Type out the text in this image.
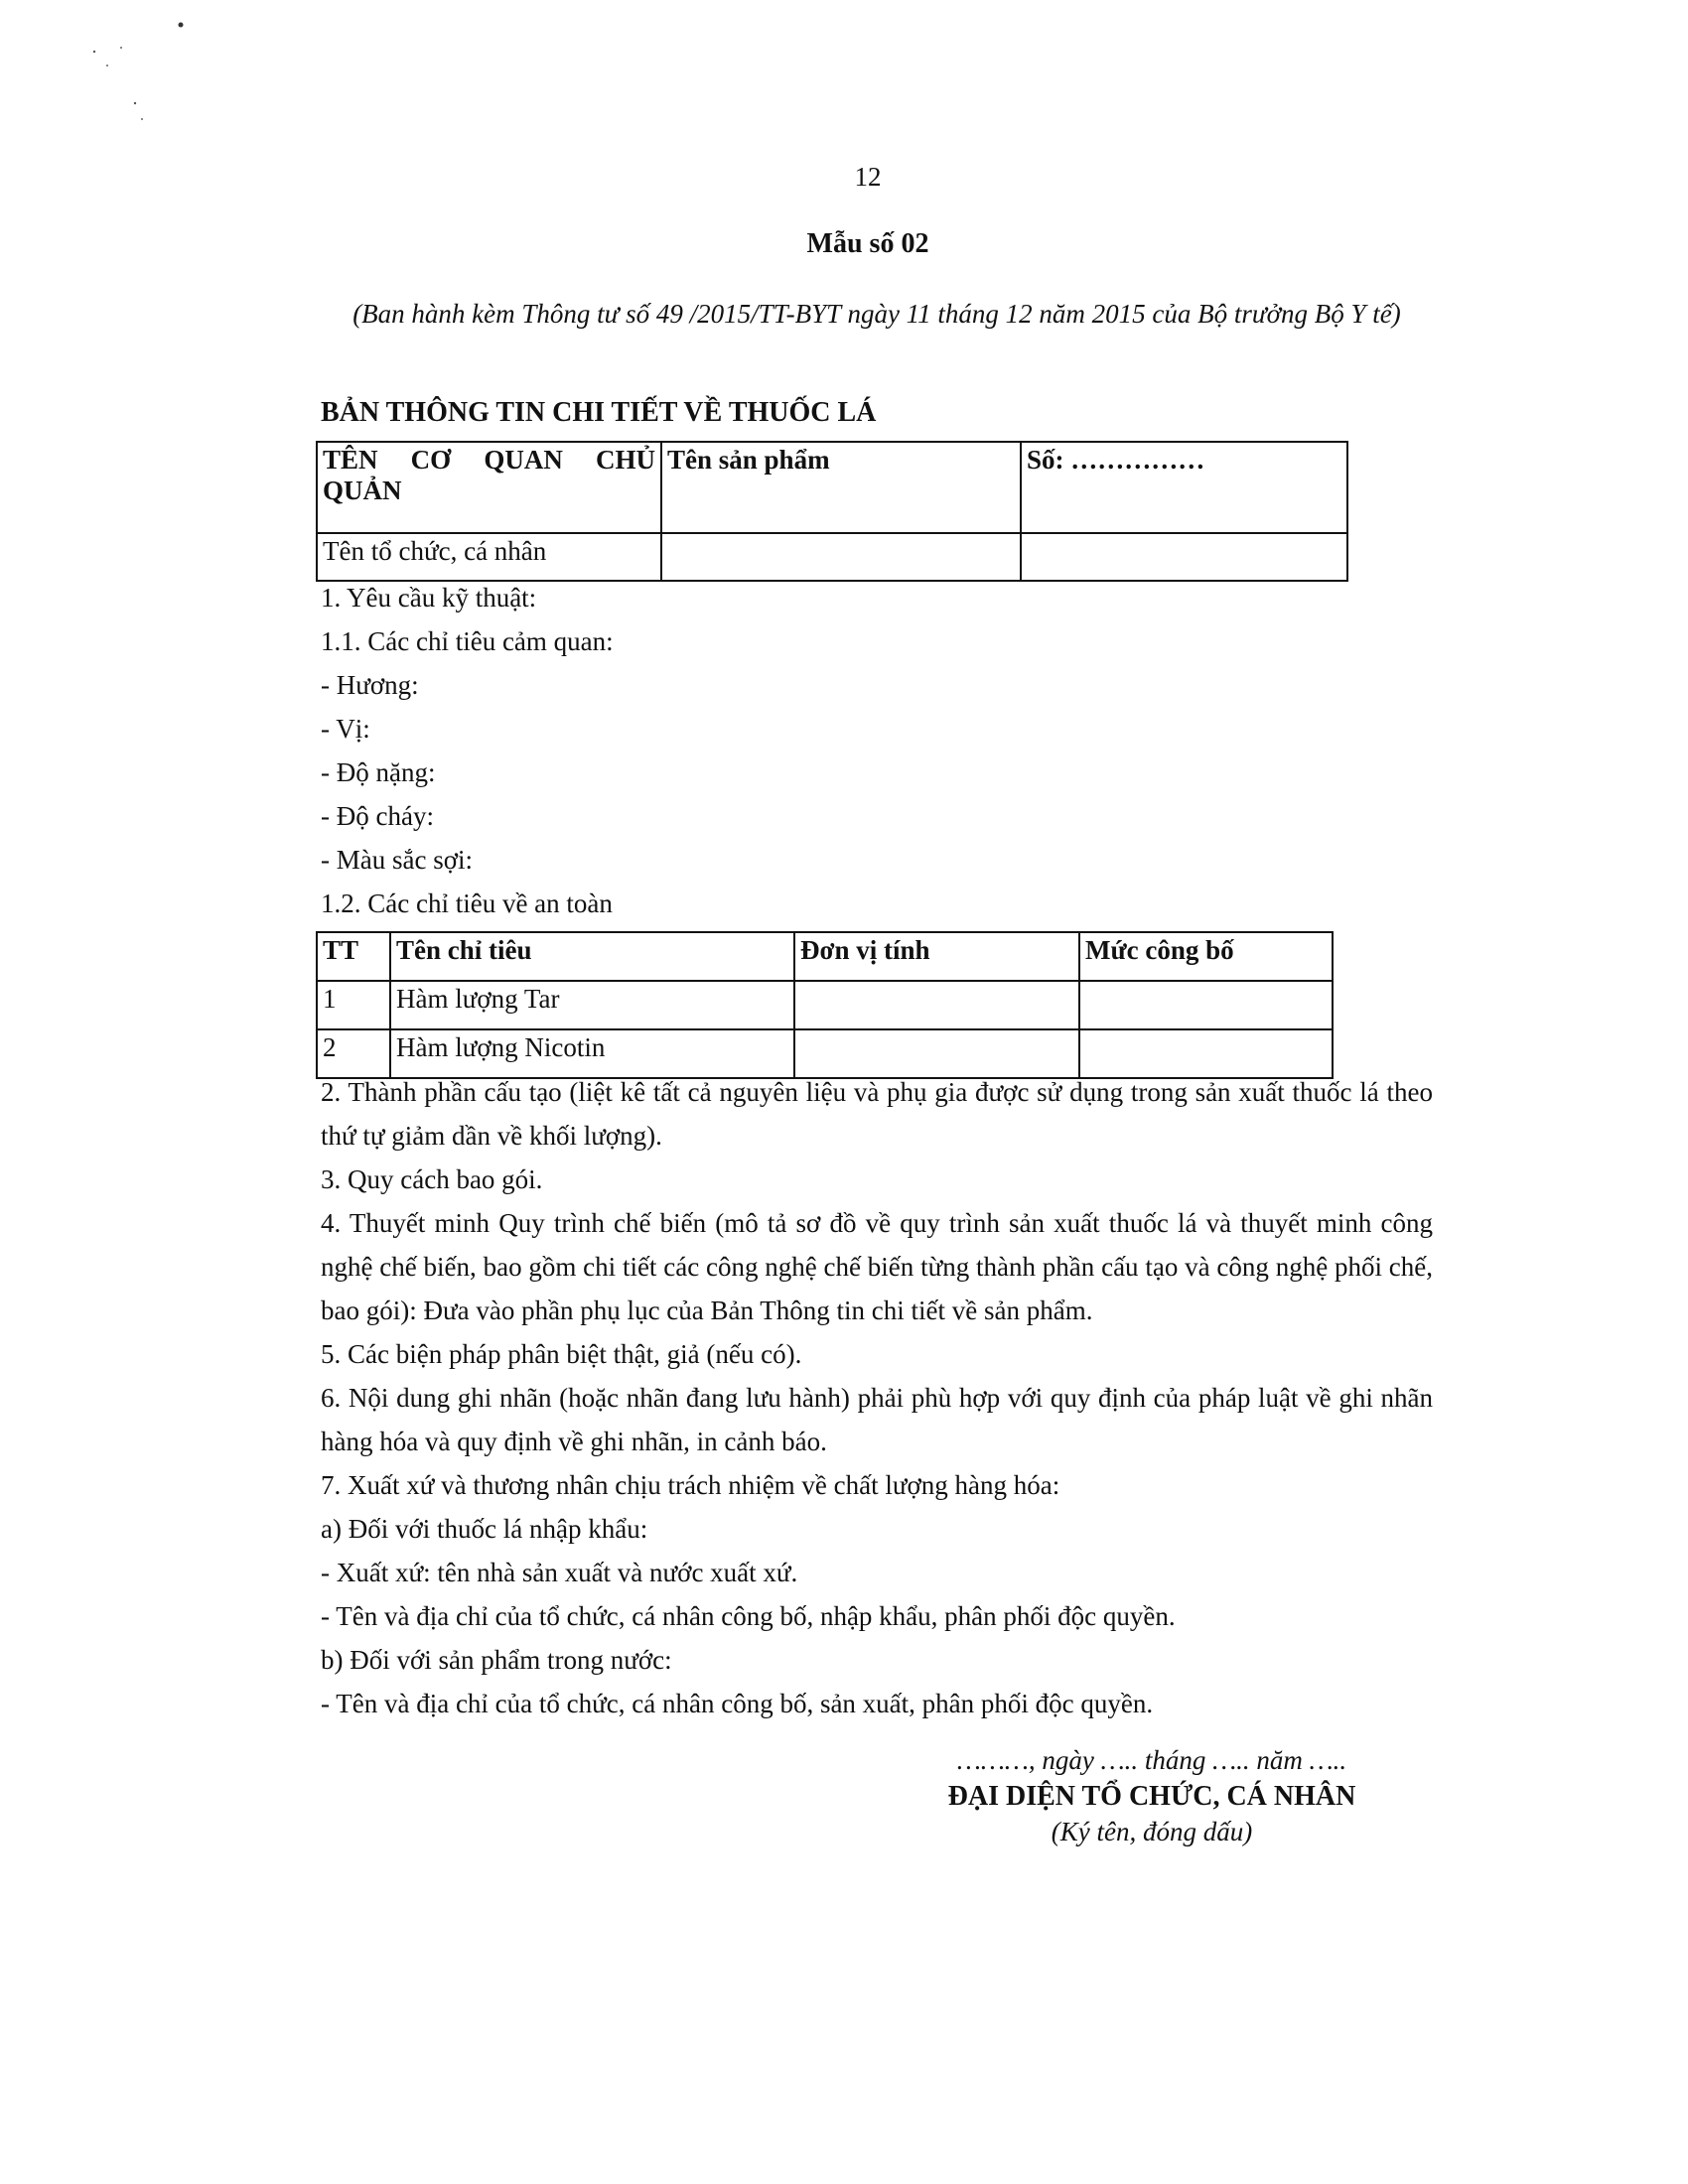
12
Mẫu số 02
(Ban hành kèm Thông tư số 49 /2015/TT-BYT ngày 11 tháng 12 năm 2015 của Bộ trưởng Bộ Y tế)
BẢN THÔNG TIN CHI TIẾT VỀ THUỐC LÁ
TÊN CƠ QUAN CHỦ QUẢN	Tên sản phẩm	Số: ……………
Tên tổ chức, cá nhân		
1. Yêu cầu kỹ thuật:
1.1. Các chỉ tiêu cảm quan:
- Hương:
- Vị:
- Độ nặng:
- Độ cháy:
- Màu sắc sợi:
1.2. Các chỉ tiêu về an toàn
TT	Tên chỉ tiêu	Đơn vị tính	Mức công bố
1	Hàm lượng Tar		
2	Hàm lượng Nicotin		

2. Thành phần cấu tạo (liệt kê tất cả nguyên liệu và phụ gia được sử dụng trong sản xuất thuốc lá theo thứ tự giảm dần về khối lượng).

3. Quy cách bao gói.

4. Thuyết minh Quy trình chế biến (mô tả sơ đồ về quy trình sản xuất thuốc lá và thuyết minh công nghệ chế biến, bao gồm chi tiết các công nghệ chế biến từng thành phần cấu tạo và công nghệ phối chế, bao gói): Đưa vào phần phụ lục của Bản Thông tin chi tiết về sản phẩm.

5. Các biện pháp phân biệt thật, giả (nếu có).

6. Nội dung ghi nhãn (hoặc nhãn đang lưu hành) phải phù hợp với quy định của pháp luật về ghi nhãn hàng hóa và quy định về ghi nhãn, in cảnh báo.

7. Xuất xứ và thương nhân chịu trách nhiệm về chất lượng hàng hóa:

a) Đối với thuốc lá nhập khẩu:

- Xuất xứ: tên nhà sản xuất và nước xuất xứ.

- Tên và địa chỉ của tổ chức, cá nhân công bố, nhập khẩu, phân phối độc quyền.

b) Đối với sản phẩm trong nước:

- Tên và địa chỉ của tổ chức, cá nhân công bố, sản xuất, phân phối độc quyền.

………, ngày ….. tháng ….. năm …..
ĐẠI DIỆN TỔ CHỨC, CÁ NHÂN
(Ký tên, đóng dấu)
